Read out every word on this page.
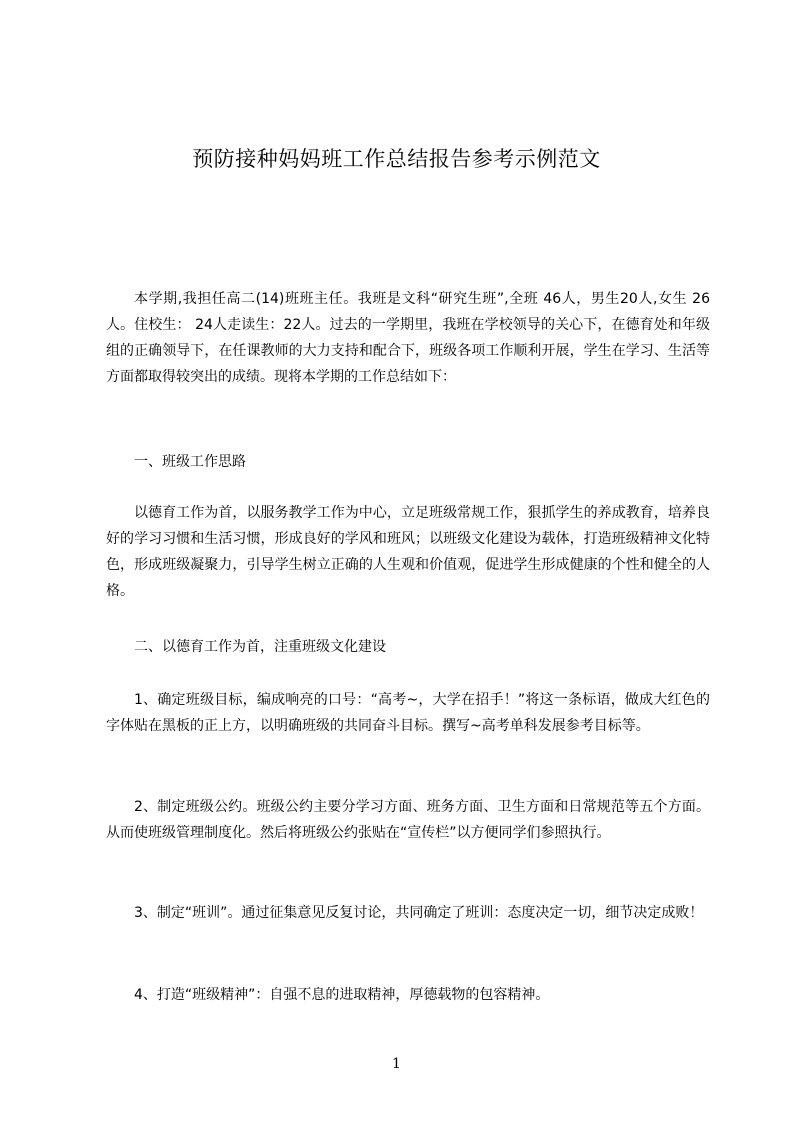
预防接种妈妈班工作总结报告参考示例范文

本学期,我担任高二(14)班班主任。我班是文科“研究生班”,全班 46人，男生20人,女生 26人。住校生： 24人走读生：22人。过去的一学期里，我班在学校领导的关心下，在德育处和年级组的正确领导下，在任课教师的大力支持和配合下，班级各项工作顺利开展，学生在学习、生活等方面都取得较突出的成绩。现将本学期的工作总结如下：

一、班级工作思路

以德育工作为首，以服务教学工作为中心，立足班级常规工作，狠抓学生的养成教育，培养良好的学习习惯和生活习惯，形成良好的学风和班风；以班级文化建设为载体，打造班级精神文化特色，形成班级凝聚力，引导学生树立正确的人生观和价值观，促进学生形成健康的个性和健全的人格。

二、以德育工作为首，注重班级文化建设

1、确定班级目标，编成响亮的口号：“高考~，大学在招手！”将这一条标语，做成大红色的字体贴在黑板的正上方，以明确班级的共同奋斗目标。撰写~高考单科发展参考目标等。

2、制定班级公约。班级公约主要分学习方面、班务方面、卫生方面和日常规范等五个方面。从而使班级管理制度化。然后将班级公约张贴在“宣传栏”以方便同学们参照执行。

3、制定“班训”。通过征集意见反复讨论，共同确定了班训：态度决定一切，细节决定成败！

4、打造“班级精神”：自强不息的进取精神，厚德载物的包容精神。

1
